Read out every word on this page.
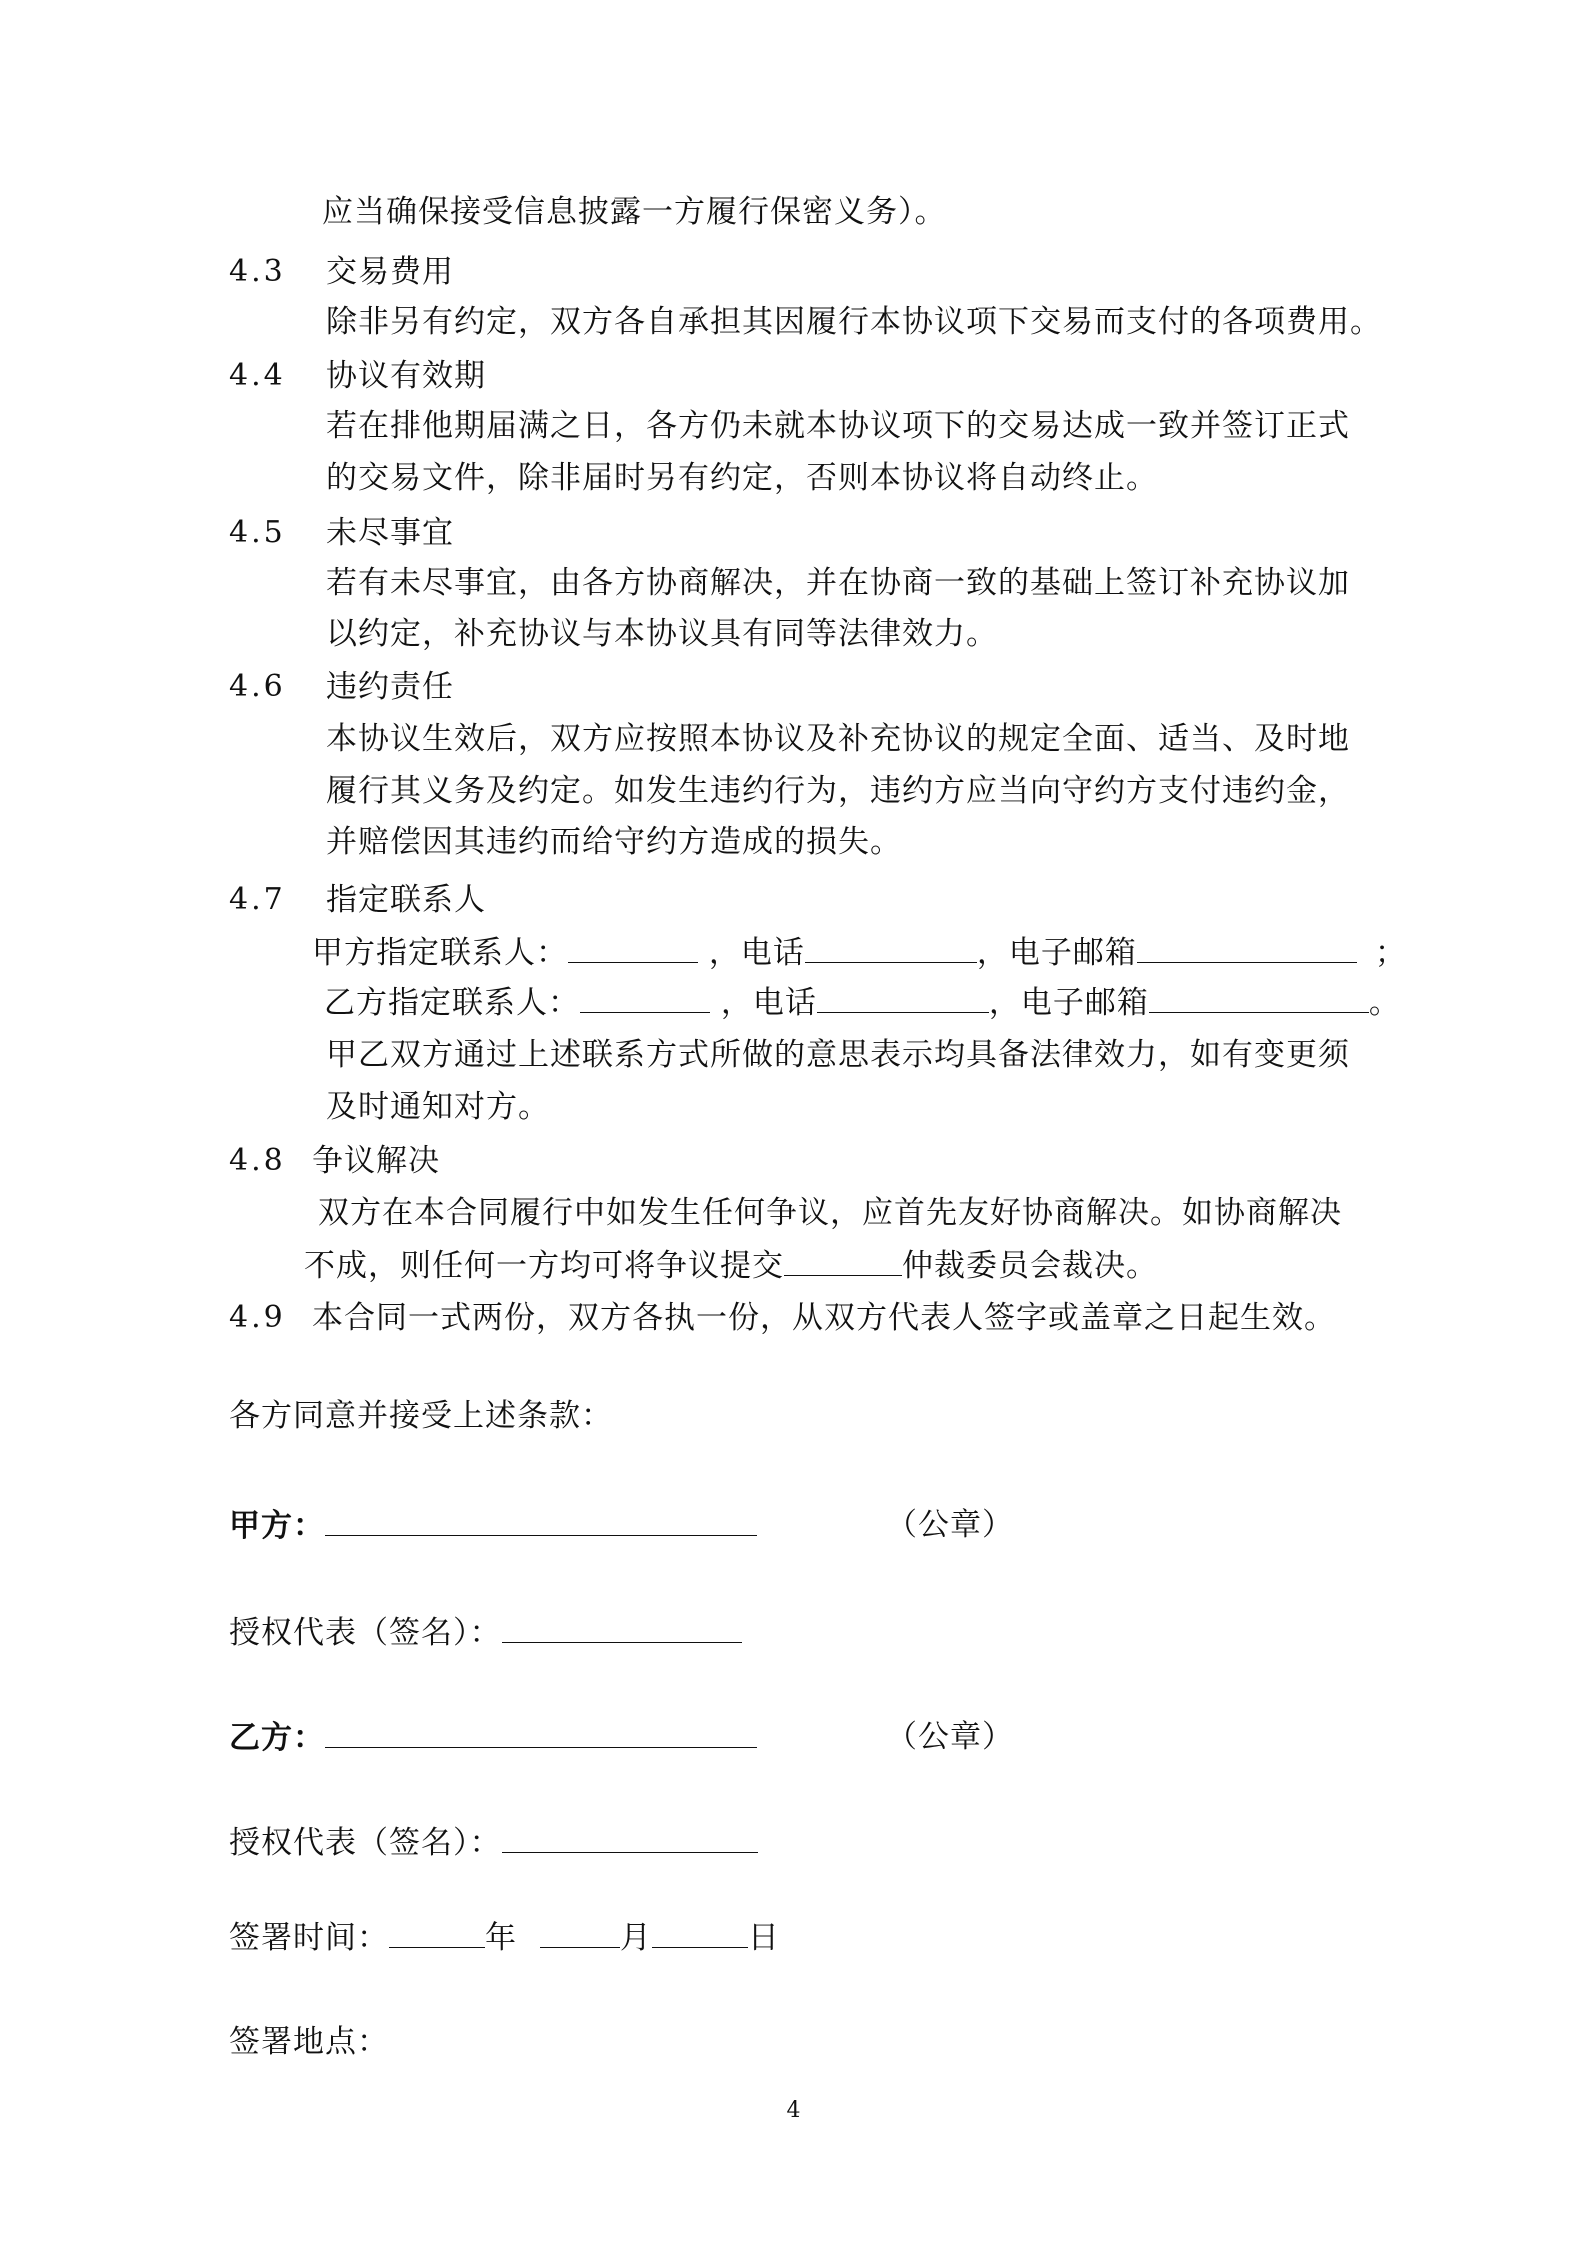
应当确保接受信息披露一方履行保密义务）。
4.3 交易费用
除非另有约定，双方各自承担其因履行本协议项下交易而支付的各项费用。
4.4 协议有效期
若在排他期届满之日，各方仍未就本协议项下的交易达成一致并签订正式
的交易文件，除非届时另有约定，否则本协议将自动终止。
4.5 未尽事宜
若有未尽事宜，由各方协商解决，并在协商一致的基础上签订补充协议加
以约定，补充协议与本协议具有同等法律效力。
4.6 违约责任
本协议生效后，双方应按照本协议及补充协议的规定全面、适当、及时地
履行其义务及约定。如发生违约行为，违约方应当向守约方支付违约金，
并赔偿因其违约而给守约方造成的损失。
4.7 指定联系人
甲方指定联系人：	，电话	，电子邮箱	；
乙方指定联系人：	，电话	，电子邮箱	。
甲乙双方通过上述联系方式所做的意思表示均具备法律效力，如有变更须
及时通知对方。
4.8 争议解决
双方在本合同履行中如发生任何争议，应首先友好协商解决。如协商解决
不成，则任何一方均可将争议提交	仲裁委员会裁决。
4.9 本合同一式两份，双方各执一份，从双方代表人签字或盖章之日起生效。
各方同意并接受上述条款：
甲方：	（公章）
授权代表（签名）：
乙方：	（公章）
授权代表（签名）：
签署时间：	年	月	日
签署地点：
4
